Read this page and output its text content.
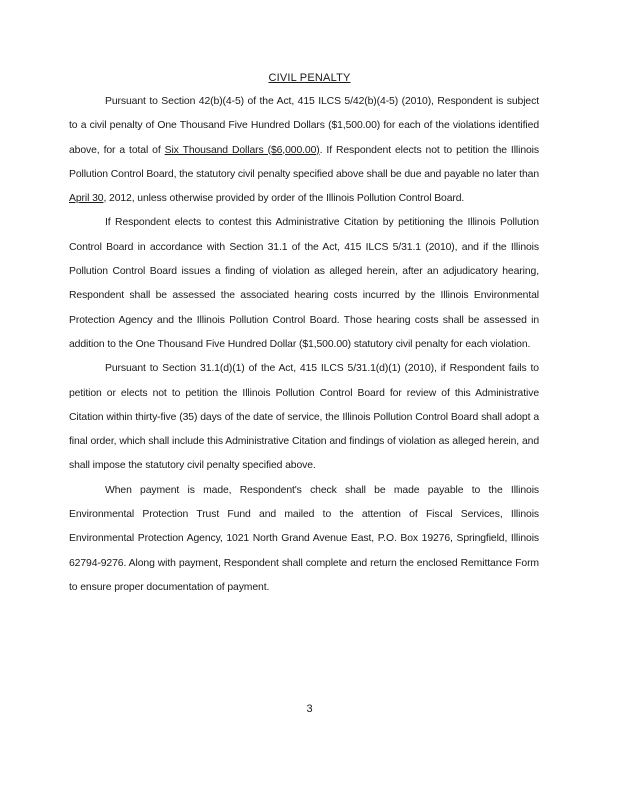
CIVIL PENALTY

Pursuant to Section 42(b)(4-5) of the Act, 415 ILCS 5/42(b)(4-5) (2010), Respondent is subject to a civil penalty of One Thousand Five Hundred Dollars ($1,500.00) for each of the violations identified above, for a total of Six Thousand Dollars ($6,000.00). If Respondent elects not to petition the Illinois Pollution Control Board, the statutory civil penalty specified above shall be due and payable no later than April 30, 2012, unless otherwise provided by order of the Illinois Pollution Control Board.

If Respondent elects to contest this Administrative Citation by petitioning the Illinois Pollution Control Board in accordance with Section 31.1 of the Act, 415 ILCS 5/31.1 (2010), and if the Illinois Pollution Control Board issues a finding of violation as alleged herein, after an adjudicatory hearing, Respondent shall be assessed the associated hearing costs incurred by the Illinois Environmental Protection Agency and the Illinois Pollution Control Board. Those hearing costs shall be assessed in addition to the One Thousand Five Hundred Dollar ($1,500.00) statutory civil penalty for each violation.

Pursuant to Section 31.1(d)(1) of the Act, 415 ILCS 5/31.1(d)(1) (2010), if Respondent fails to petition or elects not to petition the Illinois Pollution Control Board for review of this Administrative Citation within thirty-five (35) days of the date of service, the Illinois Pollution Control Board shall adopt a final order, which shall include this Administrative Citation and findings of violation as alleged herein, and shall impose the statutory civil penalty specified above.

When payment is made, Respondent's check shall be made payable to the Illinois Environmental Protection Trust Fund and mailed to the attention of Fiscal Services, Illinois Environmental Protection Agency, 1021 North Grand Avenue East, P.O. Box 19276, Springfield, Illinois 62794-9276. Along with payment, Respondent shall complete and return the enclosed Remittance Form to ensure proper documentation of payment.

3
